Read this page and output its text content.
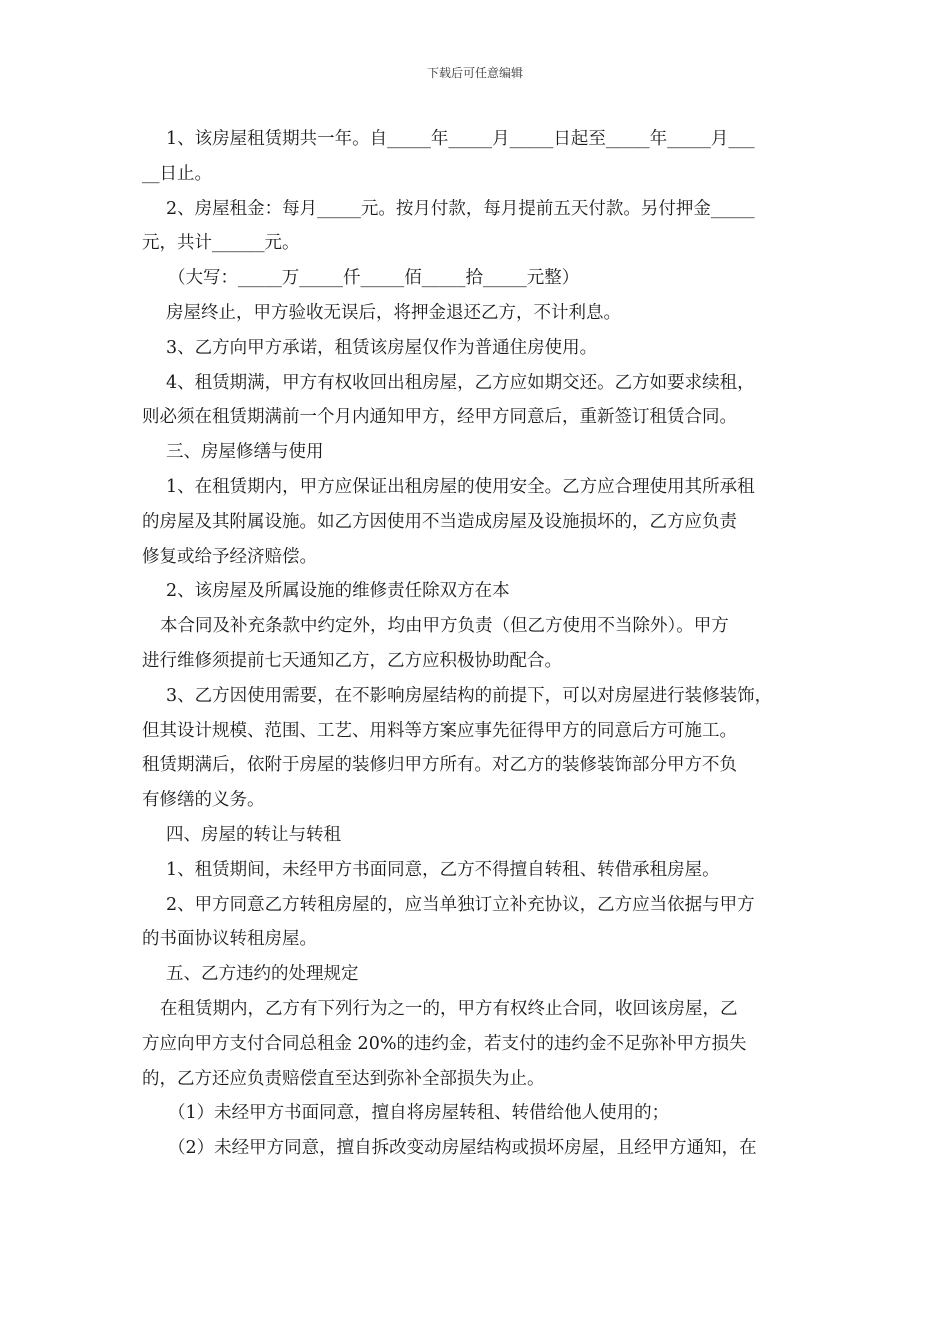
下载后可任意编辑
1、该房屋租赁期共一年。自_____年_____月_____日起至_____年_____月___
__日止。
2、房屋租金：每月_____元。按月付款，每月提前五天付款。另付押金_____
元，共计______元。
（大写：_____万_____仟_____佰_____拾_____元整）
房屋终止，甲方验收无误后，将押金退还乙方，不计利息。
3、乙方向甲方承诺，租赁该房屋仅作为普通住房使用。
4、租赁期满，甲方有权收回出租房屋，乙方应如期交还。乙方如要求续租，
则必须在租赁期满前一个月内通知甲方，经甲方同意后，重新签订租赁合同。
三、房屋修缮与使用
1、在租赁期内，甲方应保证出租房屋的使用安全。乙方应合理使用其所承租
的房屋及其附属设施。如乙方因使用不当造成房屋及设施损坏的，乙方应负责
修复或给予经济赔偿。
2、该房屋及所属设施的维修责任除双方在本
本合同及补充条款中约定外，均由甲方负责（但乙方使用不当除外）。甲方
进行维修须提前七天通知乙方，乙方应积极协助配合。
3、乙方因使用需要，在不影响房屋结构的前提下，可以对房屋进行装修装饰，
但其设计规模、范围、工艺、用料等方案应事先征得甲方的同意后方可施工。
租赁期满后，依附于房屋的装修归甲方所有。对乙方的装修装饰部分甲方不负
有修缮的义务。
四、房屋的转让与转租
1、租赁期间，未经甲方书面同意，乙方不得擅自转租、转借承租房屋。
2、甲方同意乙方转租房屋的，应当单独订立补充协议，乙方应当依据与甲方
的书面协议转租房屋。
五、乙方违约的处理规定
在租赁期内，乙方有下列行为之一的，甲方有权终止合同，收回该房屋，乙
方应向甲方支付合同总租金 20%的违约金，若支付的违约金不足弥补甲方损失
的，乙方还应负责赔偿直至达到弥补全部损失为止。
（1）未经甲方书面同意，擅自将房屋转租、转借给他人使用的；
（2）未经甲方同意，擅自拆改变动房屋结构或损坏房屋，且经甲方通知，在
